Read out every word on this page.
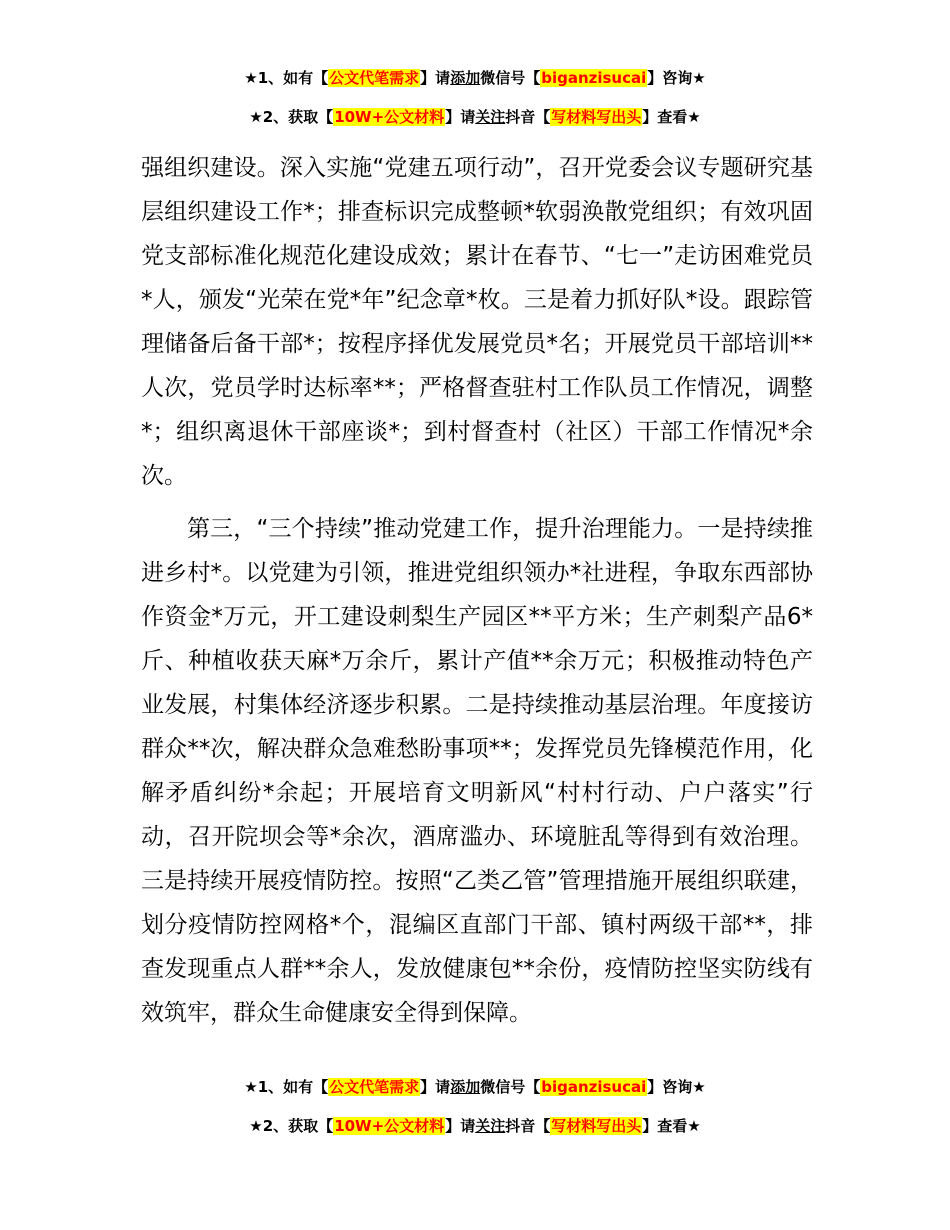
★1、如有【公文代笔需求】请添加微信号【biganzisucai】咨询★
★2、获取【10W+公文材料】请关注抖音【写材料写出头】查看★

强组织建设。深入实施“党建五项行动”，召开党委会议专题研究基层组织建设工作*；排查标识完成整顿*软弱涣散党组织；有效巩固党支部标准化规范化建设成效；累计在春节、“七一”走访困难党员*人，颁发“光荣在党*年”纪念章*枚。三是着力抓好队*设。跟踪管理储备后备干部*；按程序择优发展党员*名；开展党员干部培训**人次，党员学时达标率**；严格督查驻村工作队员工作情况，调整*；组织离退休干部座谈*；到村督查村（社区）干部工作情况*余次。

第三，“三个持续”推动党建工作，提升治理能力。一是持续推进乡村*。以党建为引领，推进党组织领办*社进程，争取东西部协作资金*万元，开工建设刺梨生产园区**平方米；生产刺梨产品6*斤、种植收获天麻*万余斤，累计产值**余万元；积极推动特色产业发展，村集体经济逐步积累。二是持续推动基层治理。年度接访群众**次，解决群众急难愁盼事项**；发挥党员先锋模范作用，化解矛盾纠纷*余起；开展培育文明新风“村村行动、户户落实”行动，召开院坝会等*余次，酒席滥办、环境脏乱等得到有效治理。三是持续开展疫情防控。按照“乙类乙管”管理措施开展组织联建，划分疫情防控网格*个，混编区直部门干部、镇村两级干部**，排查发现重点人群**余人，发放健康包**余份，疫情防控坚实防线有效筑牢，群众生命健康安全得到保障。

★1、如有【公文代笔需求】请添加微信号【biganzisucai】咨询★
★2、获取【10W+公文材料】请关注抖音【写材料写出头】查看★
